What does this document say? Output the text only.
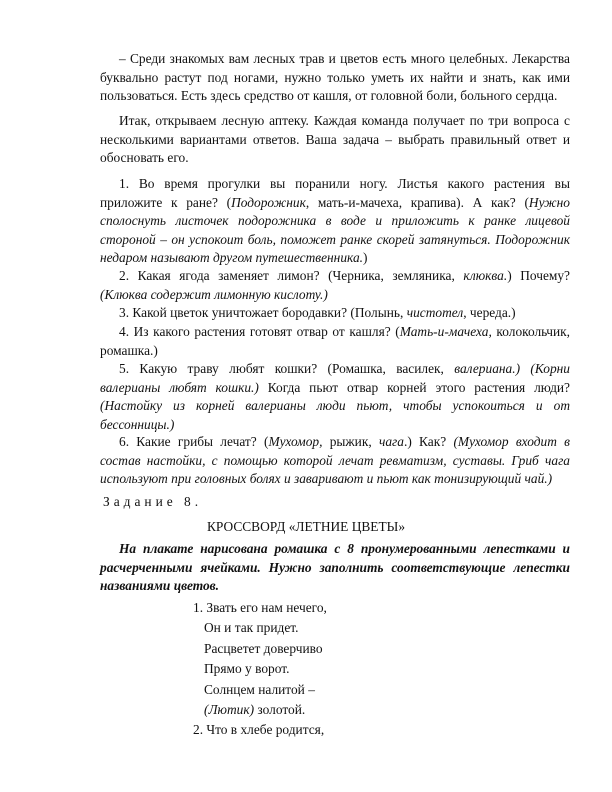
– Среди знакомых вам лесных трав и цветов есть много целебных. Лекарства буквально растут под ногами, нужно только уметь их найти и знать, как ими пользоваться. Есть здесь средство от кашля, от головной боли, больного сердца.

Итак, открываем лесную аптеку. Каждая команда получает по три вопроса с несколькими вариантами ответов. Ваша задача – выбрать правильный ответ и обосновать его.

1. Во время прогулки вы поранили ногу. Листья какого растения вы приложите к ране? (Подорожник, мать-и-мачеха, крапива). А как? (Нужно сполоснуть листочек подорожника в воде и приложить к ранке лицевой стороной – он успокоит боль, поможет ранке скорей затянуться. Подорожник недаром называют другом путешественника.)

2. Какая ягода заменяет лимон? (Черника, земляника, клюква.) Почему? (Клюква содержит лимонную кислоту.)

3. Какой цветок уничтожает бородавки? (Полынь, чистотел, череда.)

4. Из какого растения готовят отвар от кашля? (Мать-и-мачеха, колокольчик, ромашка.)

5. Какую траву любят кошки? (Ромашка, василек, валериана.) (Корни валерианы любят кошки.) Когда пьют отвар корней этого растения люди? (Настойку из корней валерианы люди пьют, чтобы успокоиться и от бессонницы.)

6. Какие грибы лечат? (Мухомор, рыжик, чага.) Как? (Мухомор входит в состав настойки, с помощью которой лечат ревматизм, суставы. Гриб чага используют при головных болях и заваривают и пьют как тонизирующий чай.)

Задание 8.
КРОССВОРД «ЛЕТНИЕ ЦВЕТЫ»

На плакате нарисована ромашка с 8 пронумерованными лепестками и расчерченными ячейками. Нужно заполнить соответствующие лепестки названиями цветов.

1. Звать его нам нечего,
Он и так придет.
Расцветет доверчиво
Прямо у ворот.
Солнцем налитой –
(Лютик) золотой.
2. Что в хлебе родится,
